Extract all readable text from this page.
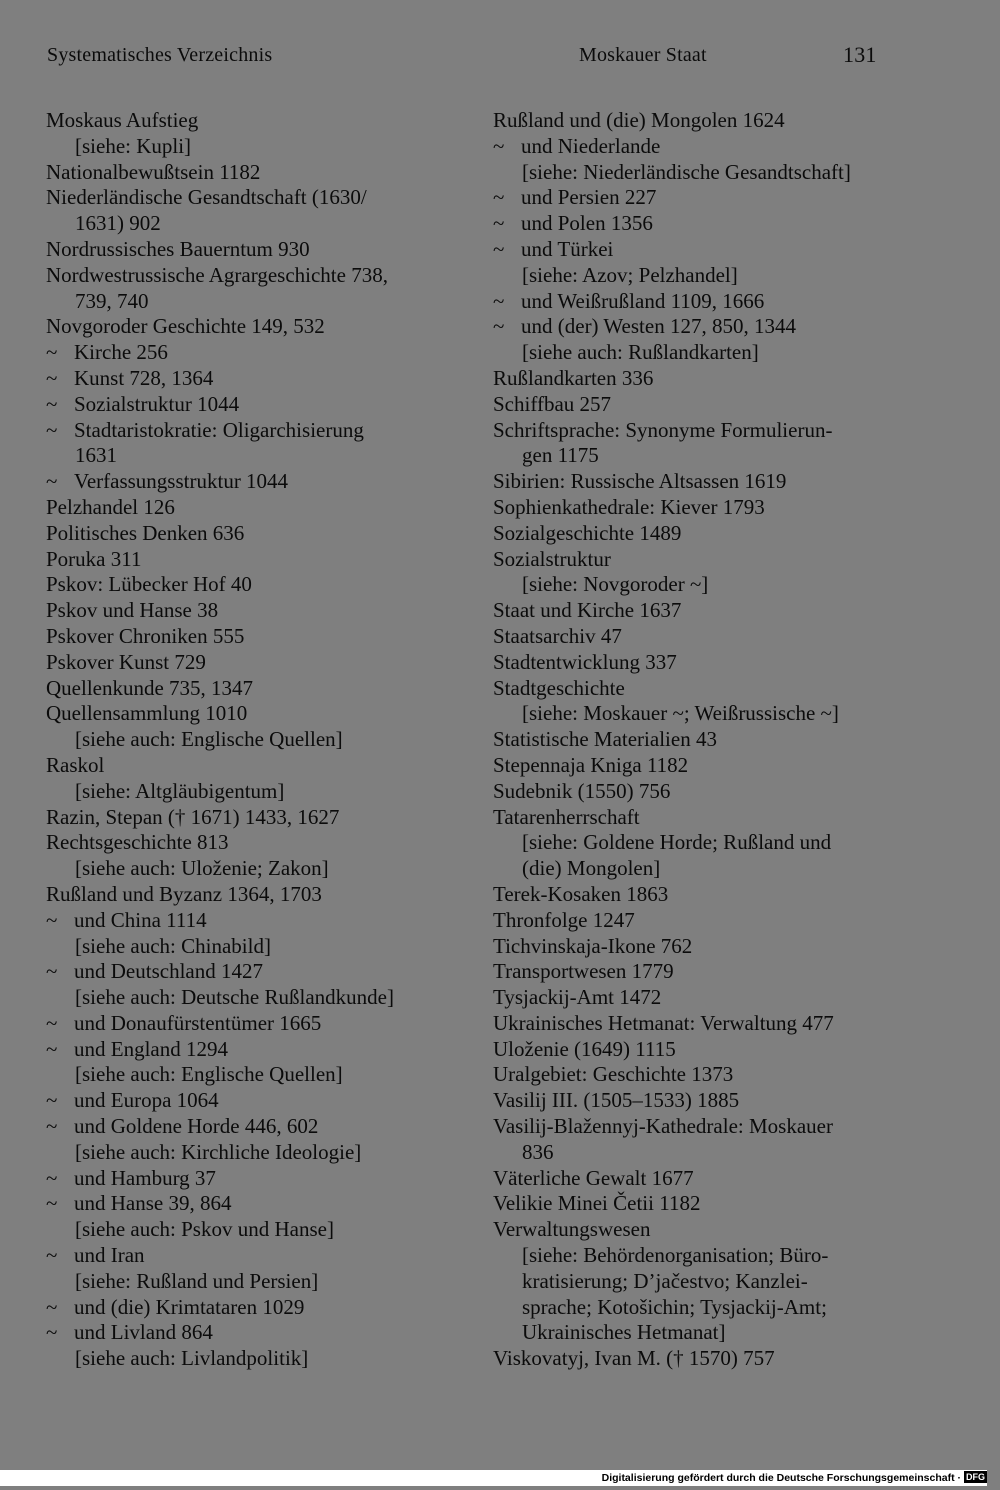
Systematisches Verzeichnis	Moskauer Staat	131
Moskaus Aufstieg
[siehe: Kupli]
Nationalbewußtsein 1182
Niederländische Gesandtschaft (1630/
1631) 902
Nordrussisches Bauerntum 930
Nordwestrussische Agrargeschichte 738,
739, 740
Novgoroder Geschichte 149, 532
~ Kirche 256
~ Kunst 728, 1364
~ Sozialstruktur 1044
~ Stadtaristokratie: Oligarchisierung
1631
~ Verfassungsstruktur 1044
Pelzhandel 126
Politisches Denken 636
Poruka 311
Pskov: Lübecker Hof 40
Pskov und Hanse 38
Pskover Chroniken 555
Pskover Kunst 729
Quellenkunde 735, 1347
Quellensammlung 1010
[siehe auch: Englische Quellen]
Raskol
[siehe: Altgläubigentum]
Razin, Stepan († 1671) 1433, 1627
Rechtsgeschichte 813
[siehe auch: Uloženie; Zakon]
Rußland und Byzanz 1364, 1703
~ und China 1114
[siehe auch: Chinabild]
~ und Deutschland 1427
[siehe auch: Deutsche Rußlandkunde]
~ und Donaufürstentümer 1665
~ und England 1294
[siehe auch: Englische Quellen]
~ und Europa 1064
~ und Goldene Horde 446, 602
[siehe auch: Kirchliche Ideologie]
~ und Hamburg 37
~ und Hanse 39, 864
[siehe auch: Pskov und Hanse]
~ und Iran
[siehe: Rußland und Persien]
~ und (die) Krimtataren 1029
~ und Livland 864
[siehe auch: Livlandpolitik]
Rußland und (die) Mongolen 1624
~ und Niederlande
[siehe: Niederländische Gesandtschaft]
~ und Persien 227
~ und Polen 1356
~ und Türkei
[siehe: Azov; Pelzhandel]
~ und Weißrußland 1109, 1666
~ und (der) Westen 127, 850, 1344
[siehe auch: Rußlandkarten]
Rußlandkarten 336
Schiffbau 257
Schriftsprache: Synonyme Formulierun-
gen 1175
Sibirien: Russische Altsassen 1619
Sophienkathedrale: Kiever 1793
Sozialgeschichte 1489
Sozialstruktur
[siehe: Novgoroder ~]
Staat und Kirche 1637
Staatsarchiv 47
Stadtentwicklung 337
Stadtgeschichte
[siehe: Moskauer ~; Weißrussische ~]
Statistische Materialien 43
Stepennaja Kniga 1182
Sudebnik (1550) 756
Tatarenherrschaft
[siehe: Goldene Horde; Rußland und
(die) Mongolen]
Terek-Kosaken 1863
Thronfolge 1247
Tichvinskaja-Ikone 762
Transportwesen 1779
Tysjackij-Amt 1472
Ukrainisches Hetmanat: Verwaltung 477
Uloženie (1649) 1115
Uralgebiet: Geschichte 1373
Vasilij III. (1505–1533) 1885
Vasilij-Blažennyj-Kathedrale: Moskauer
836
Väterliche Gewalt 1677
Velikie Minei Četii 1182
Verwaltungswesen
[siehe: Behördenorganisation; Büro-
kratisierung; D’jačestvo; Kanzlei-
sprache; Kotošichin; Tysjackij-Amt;
Ukrainisches Hetmanat]
Viskovatyj, Ivan M. († 1570) 757
Digitalisierung gefördert durch die Deutsche Forschungsgemeinschaft · DFG
